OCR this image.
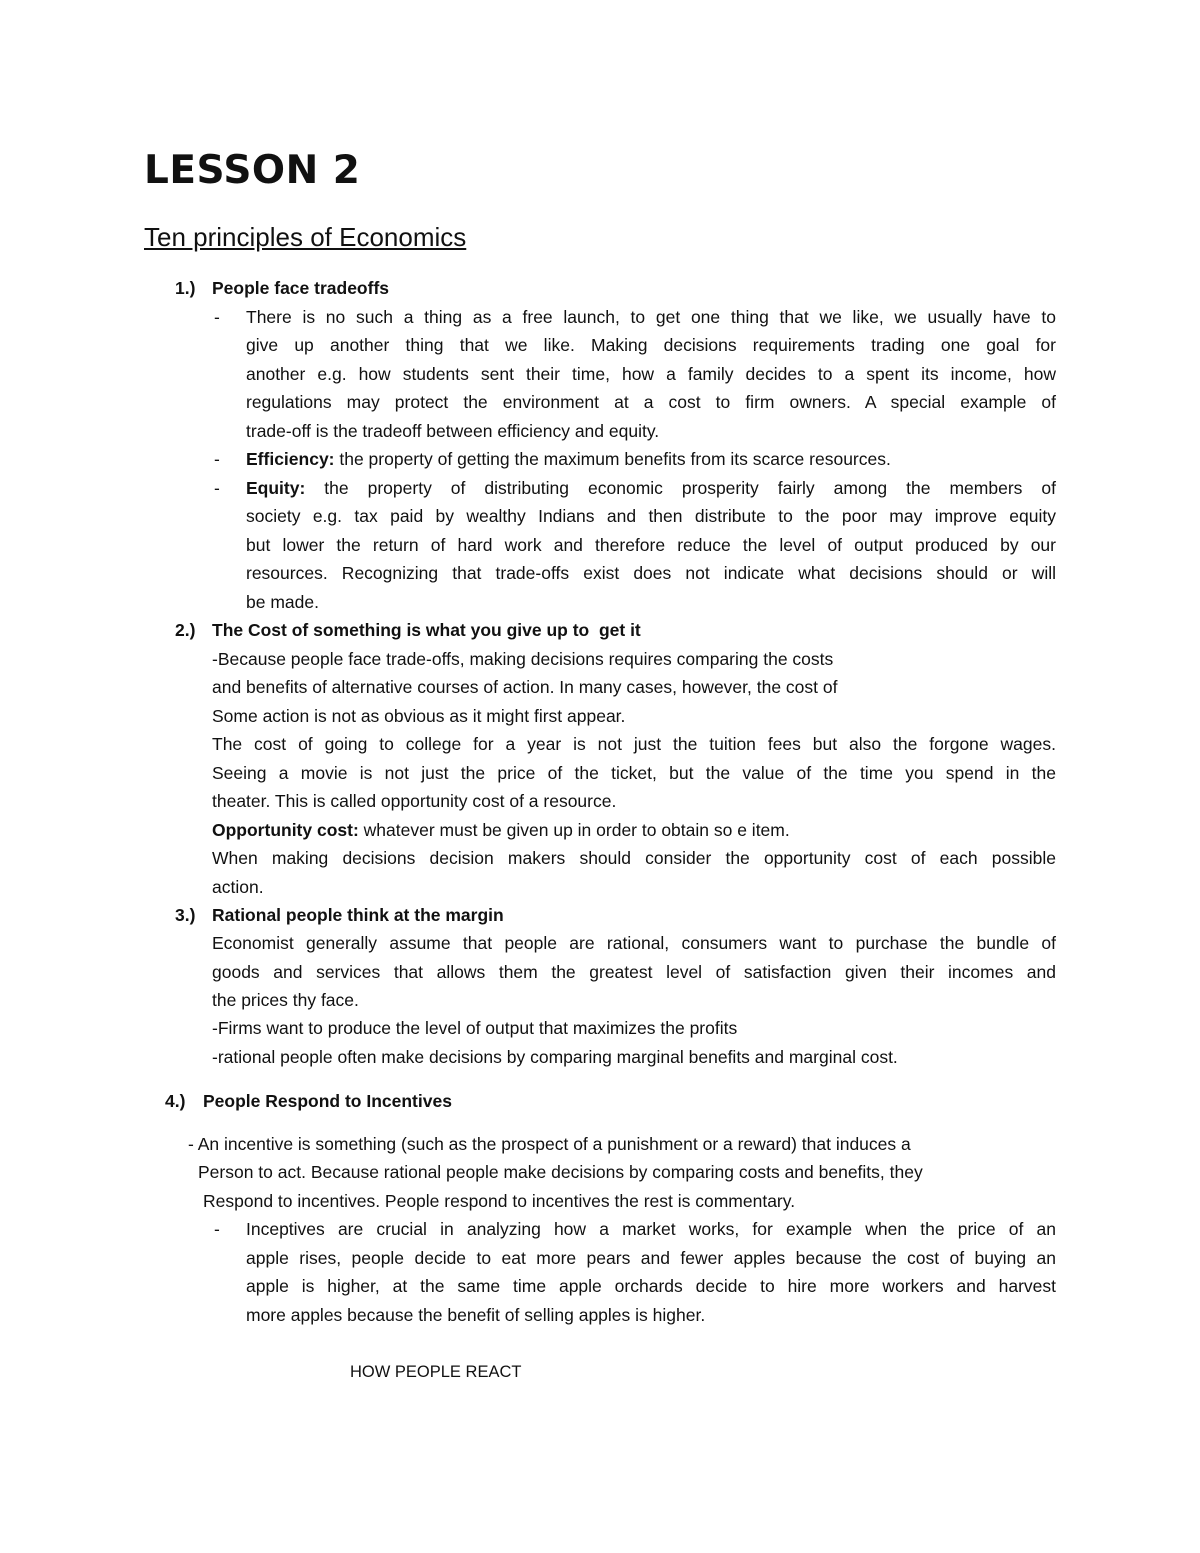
LESSON 2
Ten principles of Economics
1.) People face tradeoffs
- There is no such a thing as a free launch, to get one thing that we like, we usually have to
give up another thing that we like. Making decisions requirements trading one goal for
another e.g. how students sent their time, how a family decides to a spent its income, how
regulations may protect the environment at a cost to firm owners. A special example of
trade-off is the tradeoff between efficiency and equity.
- Efficiency: the property of getting the maximum benefits from its scarce resources.
- Equity: the property of distributing economic prosperity fairly among the members of
society e.g. tax paid by wealthy Indians and then distribute to the poor may improve equity
but lower the return of hard work and therefore reduce the level of output produced by our
resources. Recognizing that trade-offs exist does not indicate what decisions should or will
be made.
2.) The Cost of something is what you give up to  get it
-Because people face trade-offs, making decisions requires comparing the costs
and benefits of alternative courses of action. In many cases, however, the cost of
Some action is not as obvious as it might first appear.
The cost of going to college for a year is not just the tuition fees but also the forgone wages.
Seeing a movie is not just the price of the ticket, but the value of the time you spend in the
theater. This is called opportunity cost of a resource.
Opportunity cost: whatever must be given up in order to obtain so e item.
When making decisions decision makers should consider the opportunity cost of each possible
action.
3.) Rational people think at the margin
Economist generally assume that people are rational, consumers want to purchase the bundle of
goods and services that allows them the greatest level of satisfaction given their incomes and
the prices thy face.
-Firms want to produce the level of output that maximizes the profits
-rational people often make decisions by comparing marginal benefits and marginal cost.
4.) People Respond to Incentives
- An incentive is something (such as the prospect of a punishment or a reward) that induces a
Person to act. Because rational people make decisions by comparing costs and benefits, they
Respond to incentives. People respond to incentives the rest is commentary.
- Inceptives are crucial in analyzing how a market works, for example when the price of an
apple rises, people decide to eat more pears and fewer apples because the cost of buying an
apple is higher, at the same time apple orchards decide to hire more workers and harvest
more apples because the benefit of selling apples is higher.
HOW PEOPLE REACT
